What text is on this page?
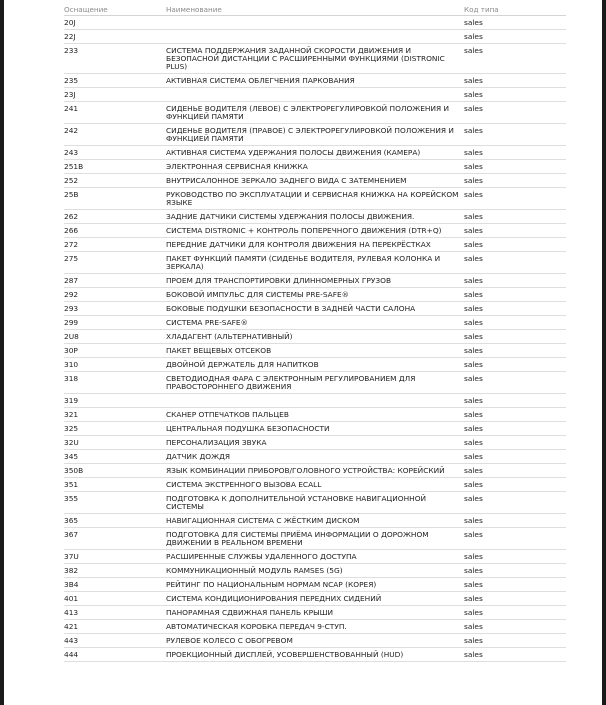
Оснащение	Наименование	Код типа
20J		sales
22J		sales
233	СИСТЕМА ПОДДЕРЖАНИЯ ЗАДАННОЙ СКОРОСТИ ДВИЖЕНИЯ И БЕЗОПАСНОЙ ДИСТАНЦИИ С РАСШИРЕННЫМИ ФУНКЦИЯМИ (DISTRONIC PLUS)	sales
235	АКТИВНАЯ СИСТЕМА ОБЛЕГЧЕНИЯ ПАРКОВАНИЯ	sales
23J		sales
241	СИДЕНЬЕ ВОДИТЕЛЯ (ЛЕВОЕ) С ЭЛЕКТРОРЕГУЛИРОВКОЙ ПОЛОЖЕНИЯ И ФУНКЦИЕЙ ПАМЯТИ	sales
242	СИДЕНЬЕ ВОДИТЕЛЯ (ПРАВОЕ) С ЭЛЕКТРОРЕГУЛИРОВКОЙ ПОЛОЖЕНИЯ И ФУНКЦИЕЙ ПАМЯТИ	sales
243	АКТИВНАЯ СИСТЕМА УДЕРЖАНИЯ ПОЛОСЫ ДВИЖЕНИЯ (КАМЕРА)	sales
251B	ЭЛЕКТРОННАЯ СЕРВИСНАЯ КНИЖКА	sales
252	ВНУТРИСАЛОННОЕ ЗЕРКАЛО ЗАДНЕГО ВИДА С ЗАТЕМНЕНИЕМ	sales
25B	РУКОВОДСТВО ПО ЭКСПЛУАТАЦИИ И СЕРВИСНАЯ КНИЖКА НА КОРЕЙСКОМ ЯЗЫКЕ	sales
262	ЗАДНИЕ ДАТЧИКИ СИСТЕМЫ УДЕРЖАНИЯ ПОЛОСЫ ДВИЖЕНИЯ.	sales
266	СИСТЕМА DISTRONIC + КОНТРОЛЬ ПОПЕРЕЧНОГО ДВИЖЕНИЯ (DTR+Q)	sales
272	ПЕРЕДНИЕ ДАТЧИКИ ДЛЯ КОНТРОЛЯ ДВИЖЕНИЯ НА ПЕРЕКРЁСТКАХ	sales
275	ПАКЕТ ФУНКЦИЙ ПАМЯТИ (СИДЕНЬЕ ВОДИТЕЛЯ, РУЛЕВАЯ КОЛОНКА И ЗЕРКАЛА)	sales
287	ПРОЕМ ДЛЯ ТРАНСПОРТИРОВКИ ДЛИННОМЕРНЫХ ГРУЗОВ	sales
292	БОКОВОЙ ИМПУЛЬС ДЛЯ СИСТЕМЫ PRE-SAFE®	sales
293	БОКОВЫЕ ПОДУШКИ БЕЗОПАСНОСТИ В ЗАДНЕЙ ЧАСТИ САЛОНА	sales
299	СИСТЕМА PRE-SAFE®	sales
2U8	ХЛАДАГЕНТ (АЛЬТЕРНАТИВНЫЙ)	sales
30P	ПАКЕТ ВЕЩЕВЫХ ОТСЕКОВ	sales
310	ДВОЙНОЙ ДЕРЖАТЕЛЬ ДЛЯ НАПИТКОВ	sales
318	СВЕТОДИОДНАЯ ФАРА С ЭЛЕКТРОННЫМ РЕГУЛИРОВАНИЕМ ДЛЯ ПРАВОСТОРОННЕГО ДВИЖЕНИЯ	sales
319		sales
321	СКАНЕР ОТПЕЧАТКОВ ПАЛЬЦЕВ	sales
325	ЦЕНТРАЛЬНАЯ ПОДУШКА БЕЗОПАСНОСТИ	sales
32U	ПЕРСОНАЛИЗАЦИЯ ЗВУКА	sales
345	ДАТЧИК ДОЖДЯ	sales
350B	ЯЗЫК КОМБИНАЦИИ ПРИБОРОВ/ГОЛОВНОГО УСТРОЙСТВА: КОРЕЙСКИЙ	sales
351	СИСТЕМА ЭКСТРЕННОГО ВЫЗОВА ECALL	sales
355	ПОДГОТОВКА К ДОПОЛНИТЕЛЬНОЙ УСТАНОВКЕ НАВИГАЦИОННОЙ СИСТЕМЫ	sales
365	НАВИГАЦИОННАЯ СИСТЕМА С ЖЁСТКИМ ДИСКОМ	sales
367	ПОДГОТОВКА ДЛЯ СИСТЕМЫ ПРИЁМА ИНФОРМАЦИИ О ДОРОЖНОМ ДВИЖЕНИИ В РЕАЛЬНОМ ВРЕМЕНИ	sales
37U	РАСШИРЕННЫЕ СЛУЖБЫ УДАЛЕННОГО ДОСТУПА	sales
382	КОММУНИКАЦИОННЫЙ МОДУЛЬ RAMSES (5G)	sales
3B4	РЕЙТИНГ ПО НАЦИОНАЛЬНЫМ НОРМАМ NCAP (КОРЕЯ)	sales
401	СИСТЕМА КОНДИЦИОНИРОВАНИЯ ПЕРЕДНИХ СИДЕНИЙ	sales
413	ПАНОРАМНАЯ СДВИЖНАЯ ПАНЕЛЬ КРЫШИ	sales
421	АВТОМАТИЧЕСКАЯ КОРОБКА ПЕРЕДАЧ 9-СТУП.	sales
443	РУЛЕВОЕ КОЛЕСО С ОБОГРЕВОМ	sales
444	ПРОЕКЦИОННЫЙ ДИСПЛЕЙ, УСОВЕРШЕНСТВОВАННЫЙ (HUD)	sales
